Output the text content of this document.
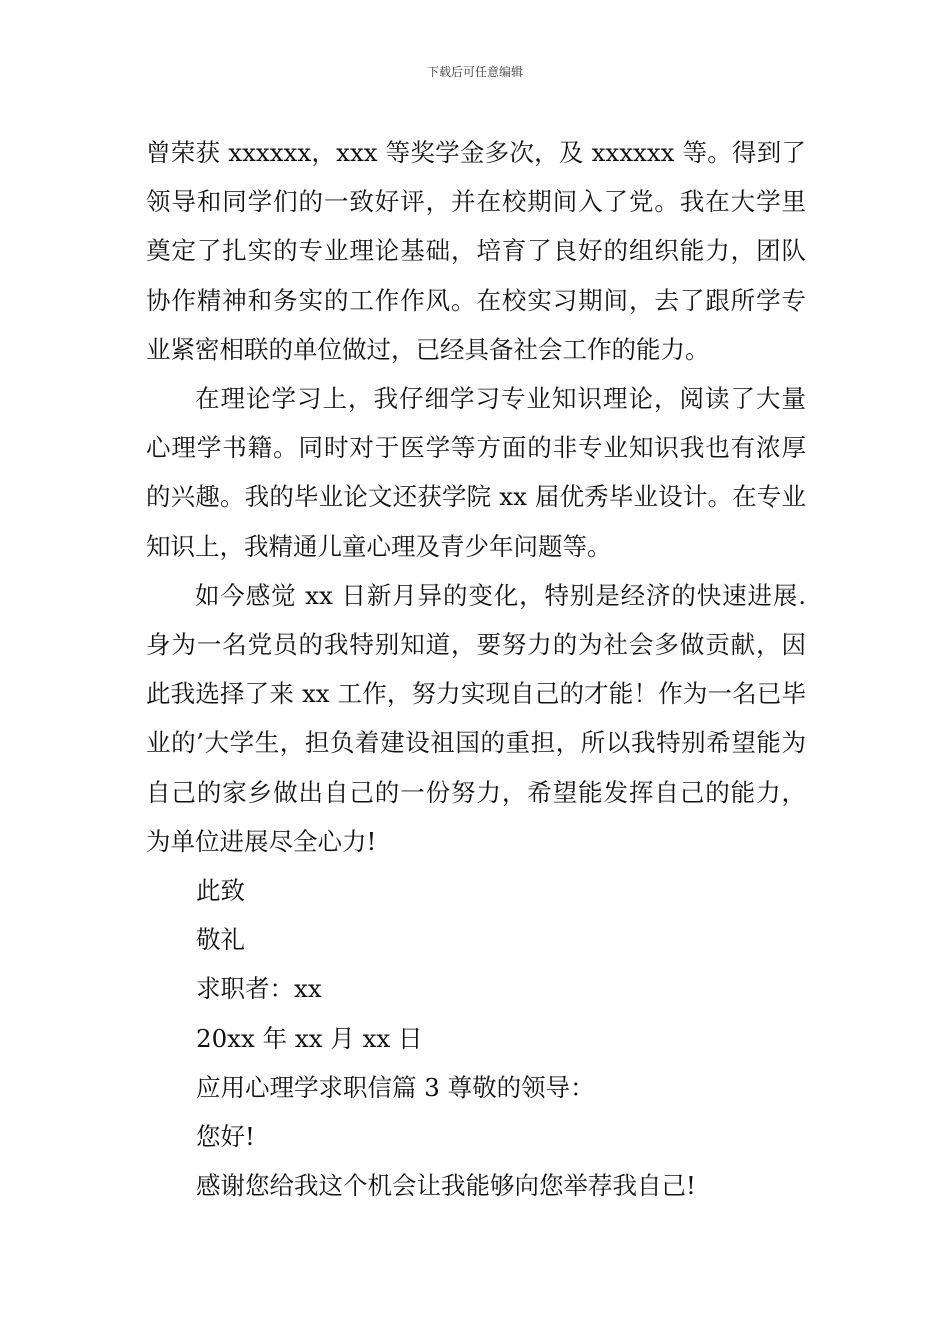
下载后可任意编辑

曾荣获 xxxxxx，xxx 等奖学金多次，及 xxxxxx 等。得到了领导和同学们的一致好评，并在校期间入了党。我在大学里奠定了扎实的专业理论基础，培育了良好的组织能力，团队协作精神和务实的工作作风。在校实习期间，去了跟所学专业紧密相联的单位做过，已经具备社会工作的能力。

在理论学习上，我仔细学习专业知识理论，阅读了大量心理学书籍。同时对于医学等方面的非专业知识我也有浓厚的兴趣。我的毕业论文还获学院 xx 届优秀毕业设计。在专业知识上，我精通儿童心理及青少年问题等。

如今感觉 xx 日新月异的变化，特别是经济的快速进展.身为一名党员的我特别知道，要努力的为社会多做贡献，因此我选择了来 xx 工作，努力实现自己的才能！作为一名已毕业的’大学生，担负着建设祖国的重担，所以我特别希望能为自己的家乡做出自己的一份努力，希望能发挥自己的能力，为单位进展尽全心力!

此致

敬礼

求职者：xx

20xx 年 xx 月 xx 日

应用心理学求职信篇 3 尊敬的领导：

您好!

感谢您给我这个机会让我能够向您举荐我自己!
